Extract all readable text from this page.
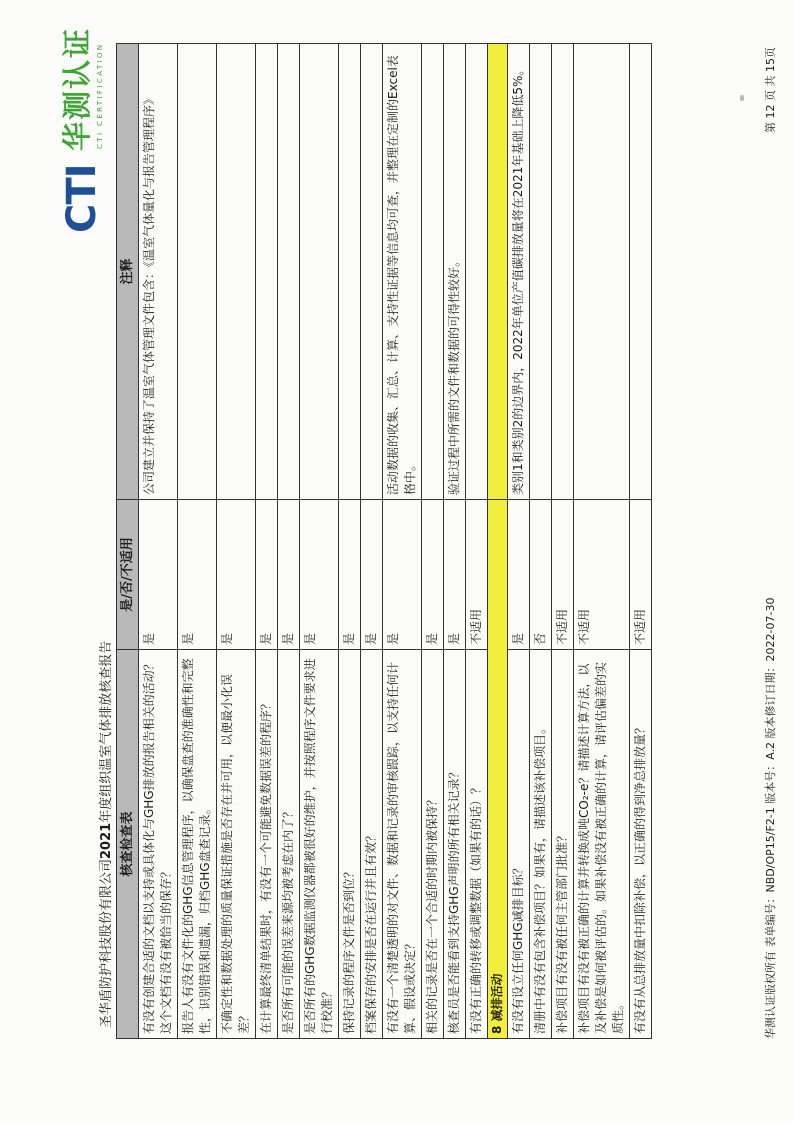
圣华盾防护科技股份有限公司2021年度组织温室气体排放核查报告
CTI
华测认证 CTI CERTIFICATION
核查检查表	是/否/不适用	注释
有没有创建合适的文档以支持或具体化与GHG排放的报告相关的活动？这个文档有没有被恰当的保存？	是	公司建立并保持了温室气体管理文件包含：《温室气体量化与报告管理程序》
报告人有没有文件化的GHG信息管理程序，以确保盘查的准确性和完整性，识别错误和遗漏，归档GHG盘查记录。	是	
不确定性和数据处理的质量保证措施是否存在并可用，以便最小化误差？	是	
在计算最终清单结果时，有没有一个可能避免数据误差的程序？	是	
是否所有可能的误差来源均被考虑在内了？	是	
是否所有的GHG数据监测仪器都被很好的维护，并按照程序文件要求进行校准？	是	
保持记录的程序文件是否到位？	是	
档案保存的安排是否在运行并且有效？	是	
有没有一个清楚透明的对文件、数据和记录的审核跟踪，以支持任何计算、假设或决定？	是	活动数据的收集、汇总、计算、支持性证据等信息均可查，并整理在定制的Excel表格中。
相关的记录是否在一个合适的时期内被保持？	是	
核查员是否能看到支持GHG声明的所有相关记录？	是	验证过程中所需的文件和数据的可得性较好。
有没有正确的转移或调整数据（如果有的话）？	不适用	
8 减排活动		
有没有设立任何GHG减排目标？	是	类别1和类别2的边界内，2022年单位产值碳排放量将在2021年基础上降低5%。
清册中有没有包含补偿项目？如果有，请描述该补偿项目。	否	
补偿项目有没有被任何主管部门批准？	不适用	
补偿项目有没有被正确的计算并转换成吨CO₂-e？请描述计算方法，以及补偿是如何被评估的。如果补偿没有被正确的计算，请评估偏差的实质性。	不适用	
有没有从总排放量中扣除补偿，以正确的得到净总排放量？	不适用		华测认证版权所有 表单编号：NBD/OP15/F2-1 版本号：A.2 版本修订日期：2022-07-30
第 12 页 共 15页
